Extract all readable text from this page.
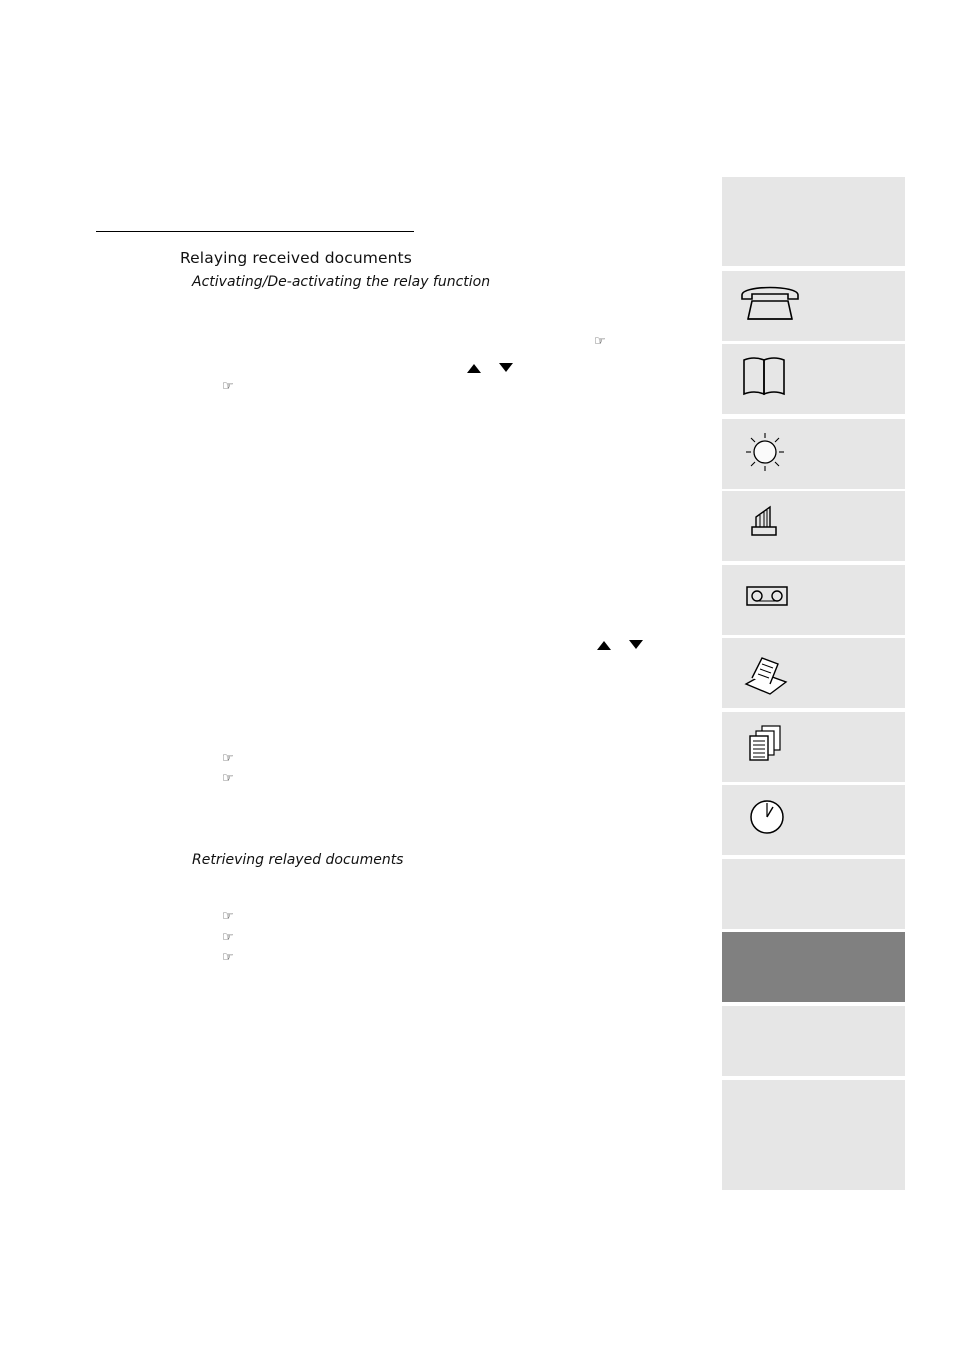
Relaying received documents
Activating/De-activating the relay function
☞
☞
☞
☞
Retrieving relayed documents
☞
☞
☞
